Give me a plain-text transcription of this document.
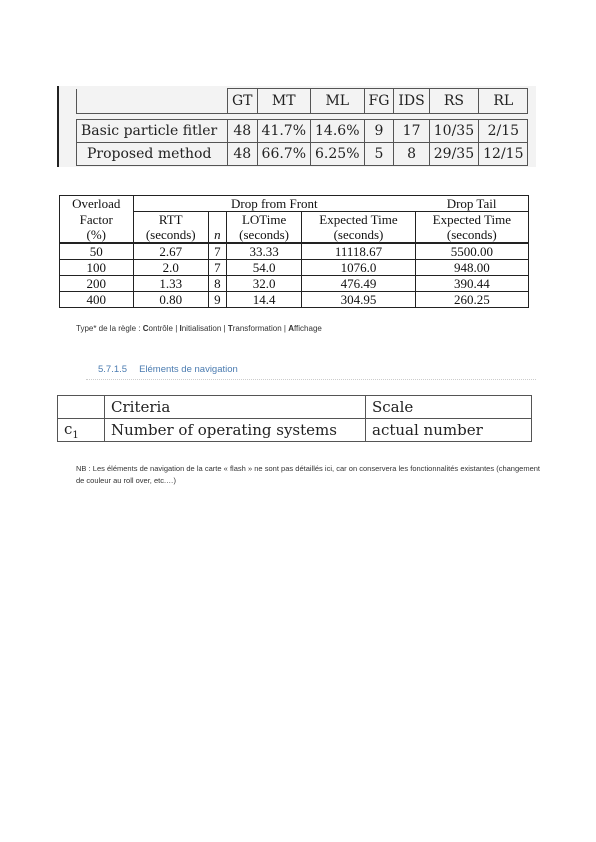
	GT	MT	ML	FG	IDS	RS	RL

Basic particle fitler	48	41.7%	14.6%	9	17	10/35	2/15
Proposed method	48	66.7%	6.25%	5	8	29/35	12/15
Overload	Drop from Front				Drop Tail
Factor	RTT		LOTime	Expected Time	Expected Time
(%)	(seconds)	n	(seconds)	(seconds)	(seconds)
50	2.67	7	33.33	11118.67	5500.00
100	2.0	7	54.0	1076.0	948.00
200	1.33	8	32.0	476.49	390.44
400	0.80	9	14.4	304.95	260.25
Type* de la règle : Contrôle | Initialisation | Transformation | Affichage
5.7.1.5 Eléments de navigation
	Criteria	Scale
$c_1$	Number of operating systems	actual number
NB : Les éléments de navigation de la carte « flash » ne sont pas détaillés ici, car on conservera les fonctionnalités existantes (changement de couleur au roll over, etc.…)
